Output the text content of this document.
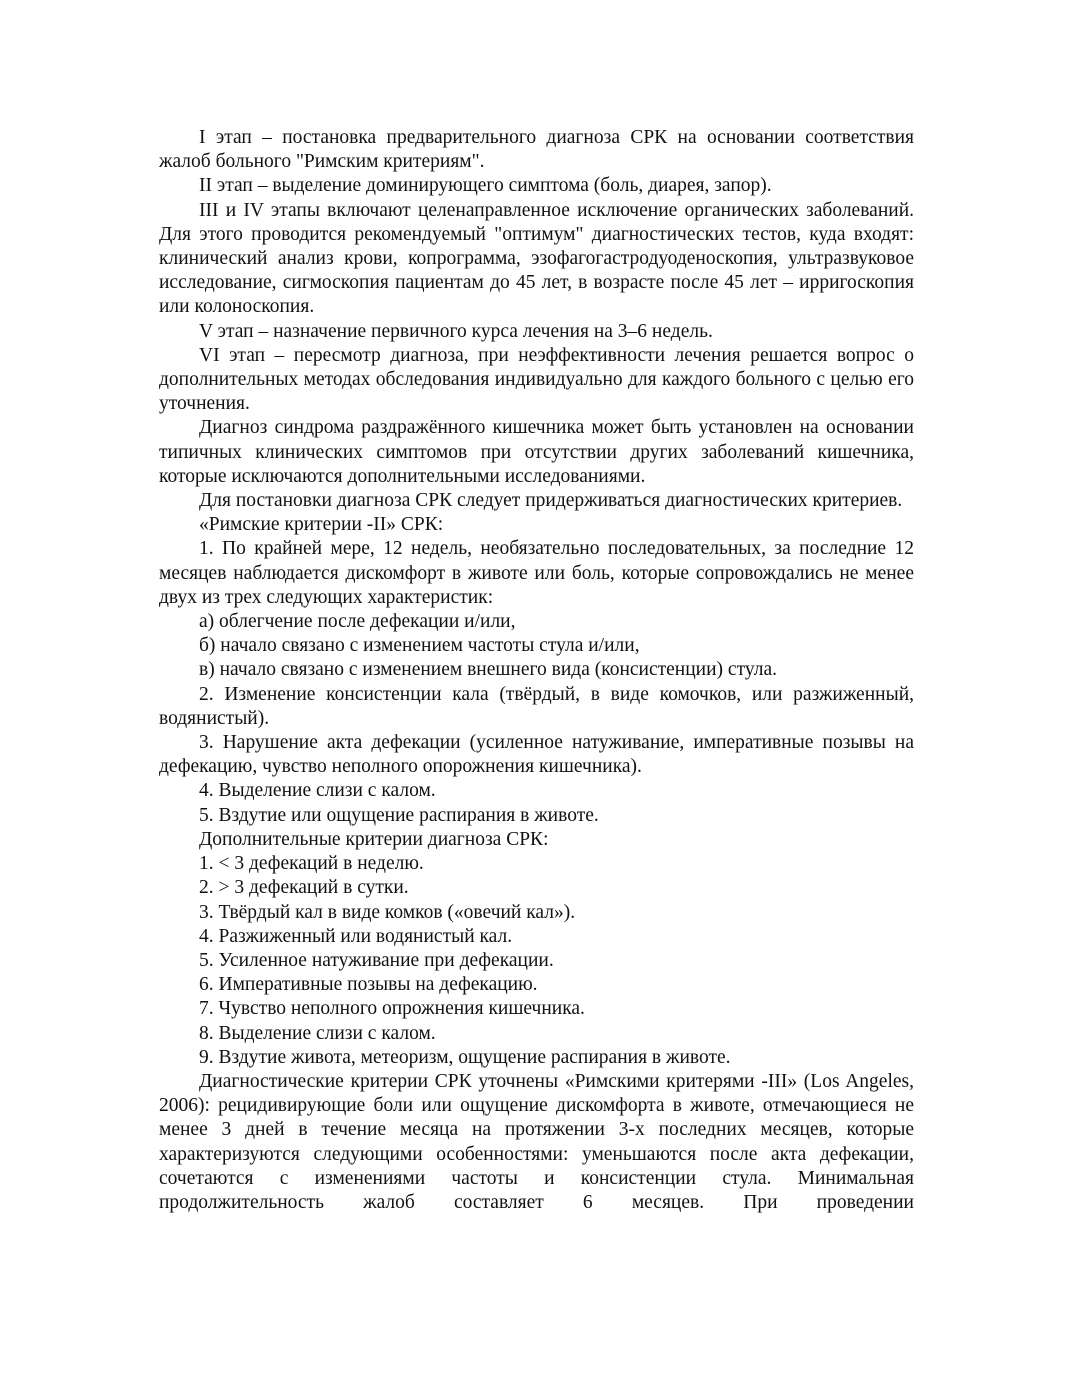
I этап – постановка предварительного диагноза СРК на основании соответствия жалоб больного "Римским критериям".

II этап – выделение доминирующего симптома (боль, диарея, запор).

III и IV этапы включают целенаправленное исключение органических заболеваний. Для этого проводится рекомендуемый "оптимум" диагностических тестов, куда входят: клинический анализ крови, копрограмма, эзофагогастродуоденоскопия, ультразвуковое исследование, сигмоскопия пациентам до 45 лет, в возрасте после 45 лет – ирригоскопия или колоноскопия.

V этап – назначение первичного курса лечения на 3–6 недель.

VI этап – пересмотр диагноза, при неэффективности лечения решается вопрос о дополнительных методах обследования индивидуально для каждого больного с целью его уточнения.

Диагноз синдрома раздражённого кишечника может быть установлен на основании типичных клинических симптомов при отсутствии других заболеваний кишечника, которые исключаются дополнительными исследованиями.

Для постановки диагноза СРК следует придерживаться диагностических критериев.

«Римские критерии -II» СРК:

1. По крайней мере, 12 недель, необязательно последовательных, за последние 12 месяцев наблюдается дискомфорт в животе или боль, которые сопровождались не менее двух из трех следующих характеристик:

а) облегчение после дефекации и/или,

б) начало связано с изменением частоты стула и/или,

в) начало связано с изменением внешнего вида (консистенции) стула.

2. Изменение консистенции кала (твёрдый, в виде комочков, или разжиженный, водянистый).

3. Нарушение акта дефекации (усиленное натуживание, императивные позывы на дефекацию, чувство неполного опорожнения кишечника).

4. Выделение слизи с калом.

5. Вздутие или ощущение распирания в животе.

Дополнительные критерии диагноза СРК:

1. < 3 дефекаций в неделю.

2. > 3 дефекаций в сутки.

3. Твёрдый кал в виде комков («овечий кал»).

4. Разжиженный или водянистый кал.

5. Усиленное натуживание при дефекации.

6. Императивные позывы на дефекацию.

7. Чувство неполного опрожнения кишечника.

8. Выделение слизи с калом.

9. Вздутие живота, метеоризм, ощущение распирания в животе.

Диагностические критерии СРК уточнены «Римскими критерями -III» (Los Angeles, 2006): рецидивирующие боли или ощущение дискомфорта в животе, отмечающиеся не менее 3 дней в течение месяца на протяжении 3-х последних месяцев, которые характеризуются следующими особенностями: уменьшаются после акта дефекации, сочетаются с изменениями частоты и консистенции стула. Минимальная продолжительность жалоб составляет 6 месяцев. При проведении
